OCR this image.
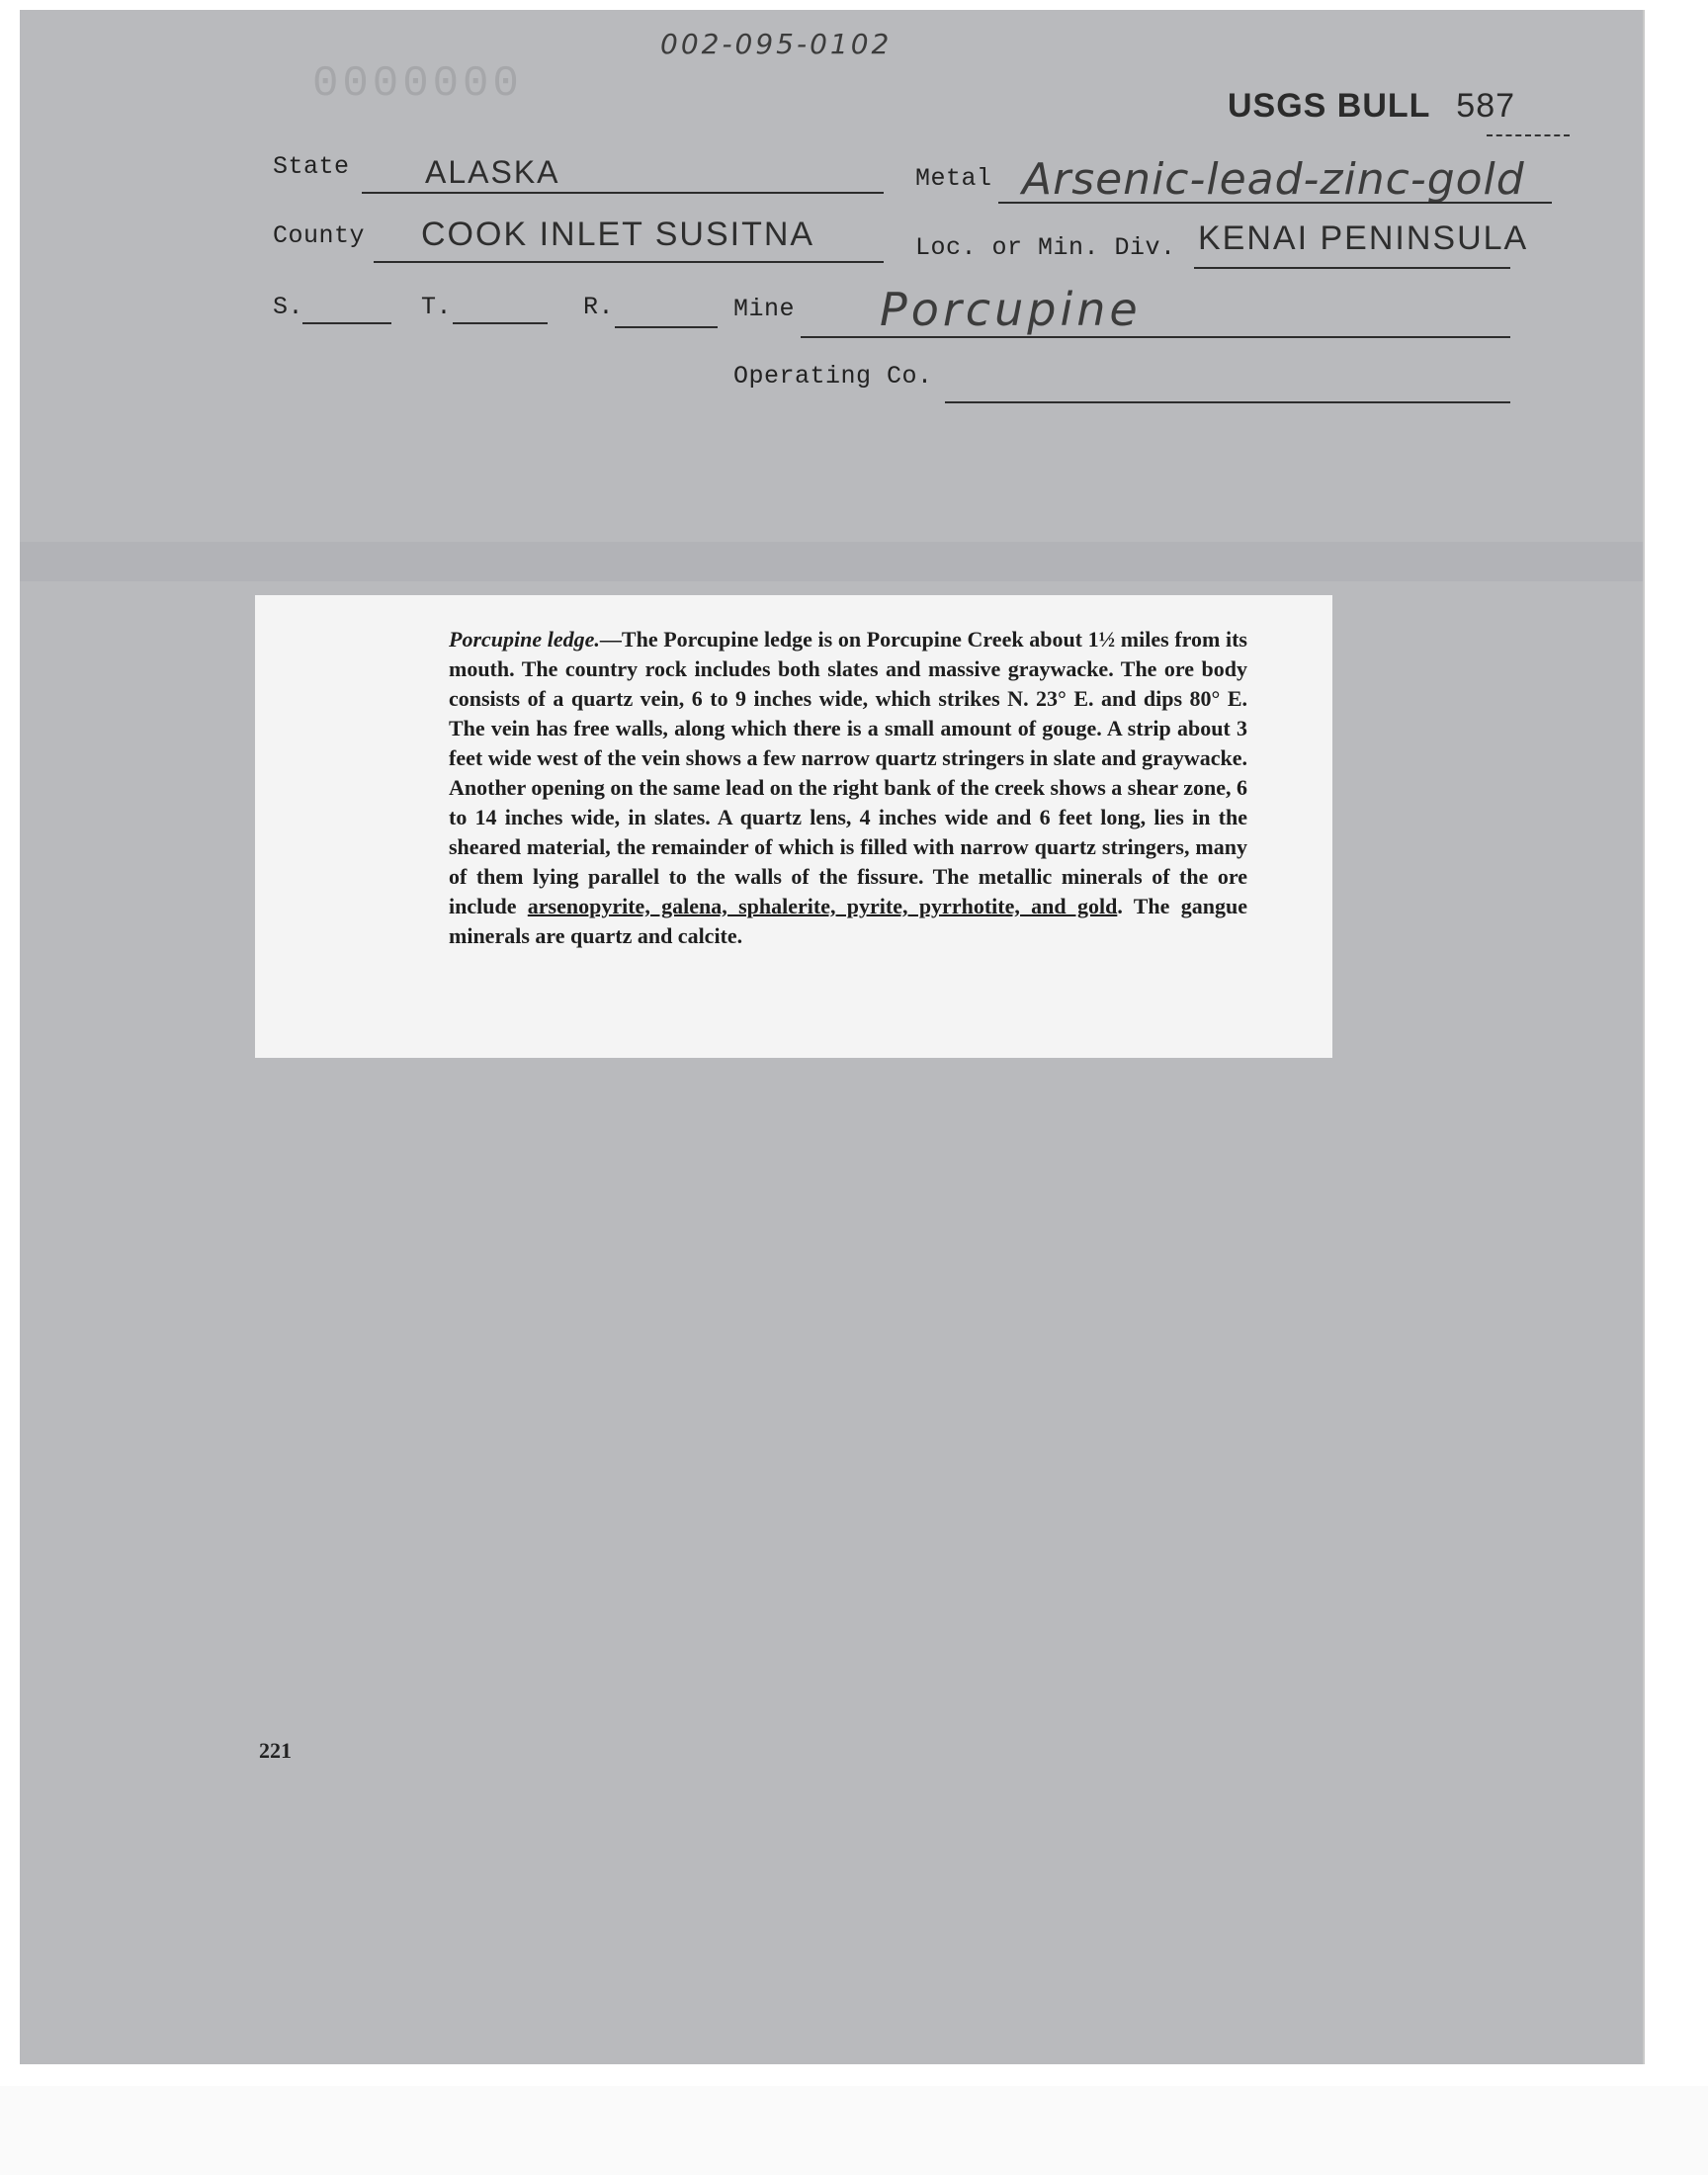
002-095-0102
0000000	USGS BULL 587
State ALASKA	Metal Arsenic-lead-zinc-gold
County COOK INLET SUSITNA	Loc. or Min. Div. KENAI PENINSULA
S.	T.	R.	Mine Porcupine
Operating Co.

Porcupine ledge.—The Porcupine ledge is on Porcupine Creek about 1½ miles from its mouth. The country rock includes both slates and massive graywacke. The ore body consists of a quartz vein, 6 to 9 inches wide, which strikes N. 23° E. and dips 80° E. The vein has free walls, along which there is a small amount of gouge. A strip about 3 feet wide west of the vein shows a few narrow quartz stringers in slate and graywacke. Another opening on the same lead on the right bank of the creek shows a shear zone, 6 to 14 inches wide, in slates. A quartz lens, 4 inches wide and 6 feet long, lies in the sheared material, the remainder of which is filled with narrow quartz stringers, many of them lying parallel to the walls of the fissure. The metallic minerals of the ore include arsenopyrite, galena, sphalerite, pyrite, pyrrhotite, and gold. The gangue minerals are quartz and calcite.

221
